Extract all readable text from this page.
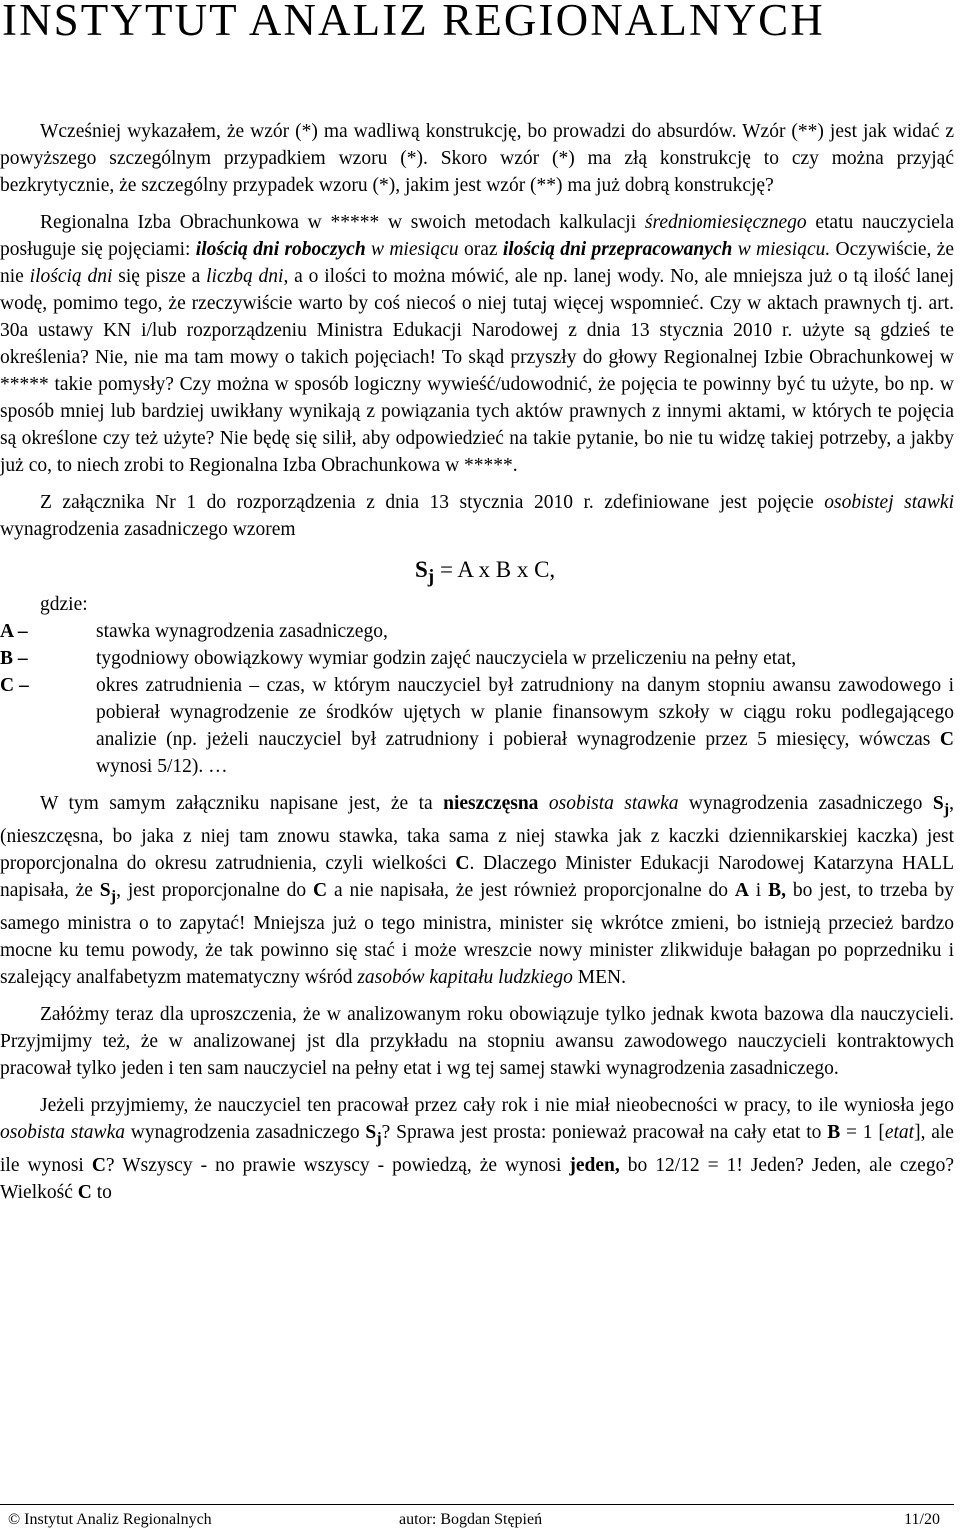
INSTYTUT ANALIZ REGIONALNYCH

Wcześniej wykazałem, że wzór (*) ma wadliwą konstrukcję, bo prowadzi do absurdów. Wzór (**) jest jak widać z powyższego szczególnym przypadkiem wzoru (*). Skoro wzór (*) ma złą konstrukcję to czy można przyjąć bezkrytycznie, że szczególny przypadek wzoru (*), jakim jest wzór (**) ma już dobrą konstrukcję?

Regionalna Izba Obrachunkowa w ***** w swoich metodach kalkulacji średniomiesięcznego etatu nauczyciela posługuje się pojęciami: ilością dni roboczych w miesiącu oraz ilością dni przepracowanych w miesiącu. Oczywiście, że nie ilością dni się pisze a liczbą dni, a o ilości to można mówić, ale np. lanej wody. No, ale mniejsza już o tą ilość lanej wodę, pomimo tego, że rzeczywiście warto by coś niecoś o niej tutaj więcej wspomnieć. Czy w aktach prawnych tj. art. 30a ustawy KN i/lub rozporządzeniu Ministra Edukacji Narodowej z dnia 13 stycznia 2010 r. użyte są gdzieś te określenia? Nie, nie ma tam mowy o takich pojęciach! To skąd przyszły do głowy Regionalnej Izbie Obrachunkowej w ***** takie pomysły? Czy można w sposób logiczny wywieść/udowodnić, że pojęcia te powinny być tu użyte, bo np. w sposób mniej lub bardziej uwikłany wynikają z powiązania tych aktów prawnych z innymi aktami, w których te pojęcia są określone czy też użyte? Nie będę się silił, aby odpowiedzieć na takie pytanie, bo nie tu widzę takiej potrzeby, a jakby już co, to niech zrobi to Regionalna Izba Obrachunkowa w *****.

Z załącznika Nr 1 do rozporządzenia z dnia 13 stycznia 2010 r. zdefiniowane jest pojęcie osobistej stawki wynagrodzenia zasadniczego wzorem

$S_j = A$ x B x C,
gdzie:
A –	stawka wynagrodzenia zasadniczego,
B –	tygodniowy obowiązkowy wymiar godzin zajęć nauczyciela w przeliczeniu na pełny etat,
C –	okres zatrudnienia – czas, w którym nauczyciel był zatrudniony na danym stopniu awansu zawodowego i pobierał wynagrodzenie ze środków ujętych w planie finansowym szkoły w ciągu roku podlegającego analizie (np. jeżeli nauczyciel był zatrudniony i pobierał wynagrodzenie przez 5 miesięcy, wówczas C wynosi 5/12). …

W tym samym załączniku napisane jest, że ta nieszczęsna osobista stawka wynagrodzenia zasadniczego $S_j$, (nieszczęsna, bo jaka z niej tam znowu stawka, taka sama z niej stawka jak z kaczki dziennikarskiej kaczka) jest proporcjonalna do okresu zatrudnienia, czyli wielkości C. Dlaczego Minister Edukacji Narodowej Katarzyna HALL napisała, że $S_j$, jest proporcjonalne do C a nie napisała, że jest również proporcjonalne do A i B, bo jest, to trzeba by samego ministra o to zapytać! Mniejsza już o tego ministra, minister się wkrótce zmieni, bo istnieją przecież bardzo mocne ku temu powody, że tak powinno się stać i może wreszcie nowy minister zlikwiduje bałagan po poprzedniku i szalejący analfabetyzm matematyczny wśród zasobów kapitału ludzkiego MEN.

Załóżmy teraz dla uproszczenia, że w analizowanym roku obowiązuje tylko jednak kwota bazowa dla nauczycieli. Przyjmijmy też, że w analizowanej jst dla przykładu na stopniu awansu zawodowego nauczycieli kontraktowych pracował tylko jeden i ten sam nauczyciel na pełny etat i wg tej samej stawki wynagrodzenia zasadniczego.

Jeżeli przyjmiemy, że nauczyciel ten pracował przez cały rok i nie miał nieobecności w pracy, to ile wyniosła jego osobista stawka wynagrodzenia zasadniczego $S_j$? Sprawa jest prosta: ponieważ pracował na cały etat to B = 1 [etat], ale ile wynosi C? Wszyscy - no prawie wszyscy - powiedzą, że wynosi jeden, bo 12/12 = 1! Jeden? Jeden, ale czego? Wielkość C to

© Instytut Analiz Regionalnych	autor: Bogdan Stępień	11/20
